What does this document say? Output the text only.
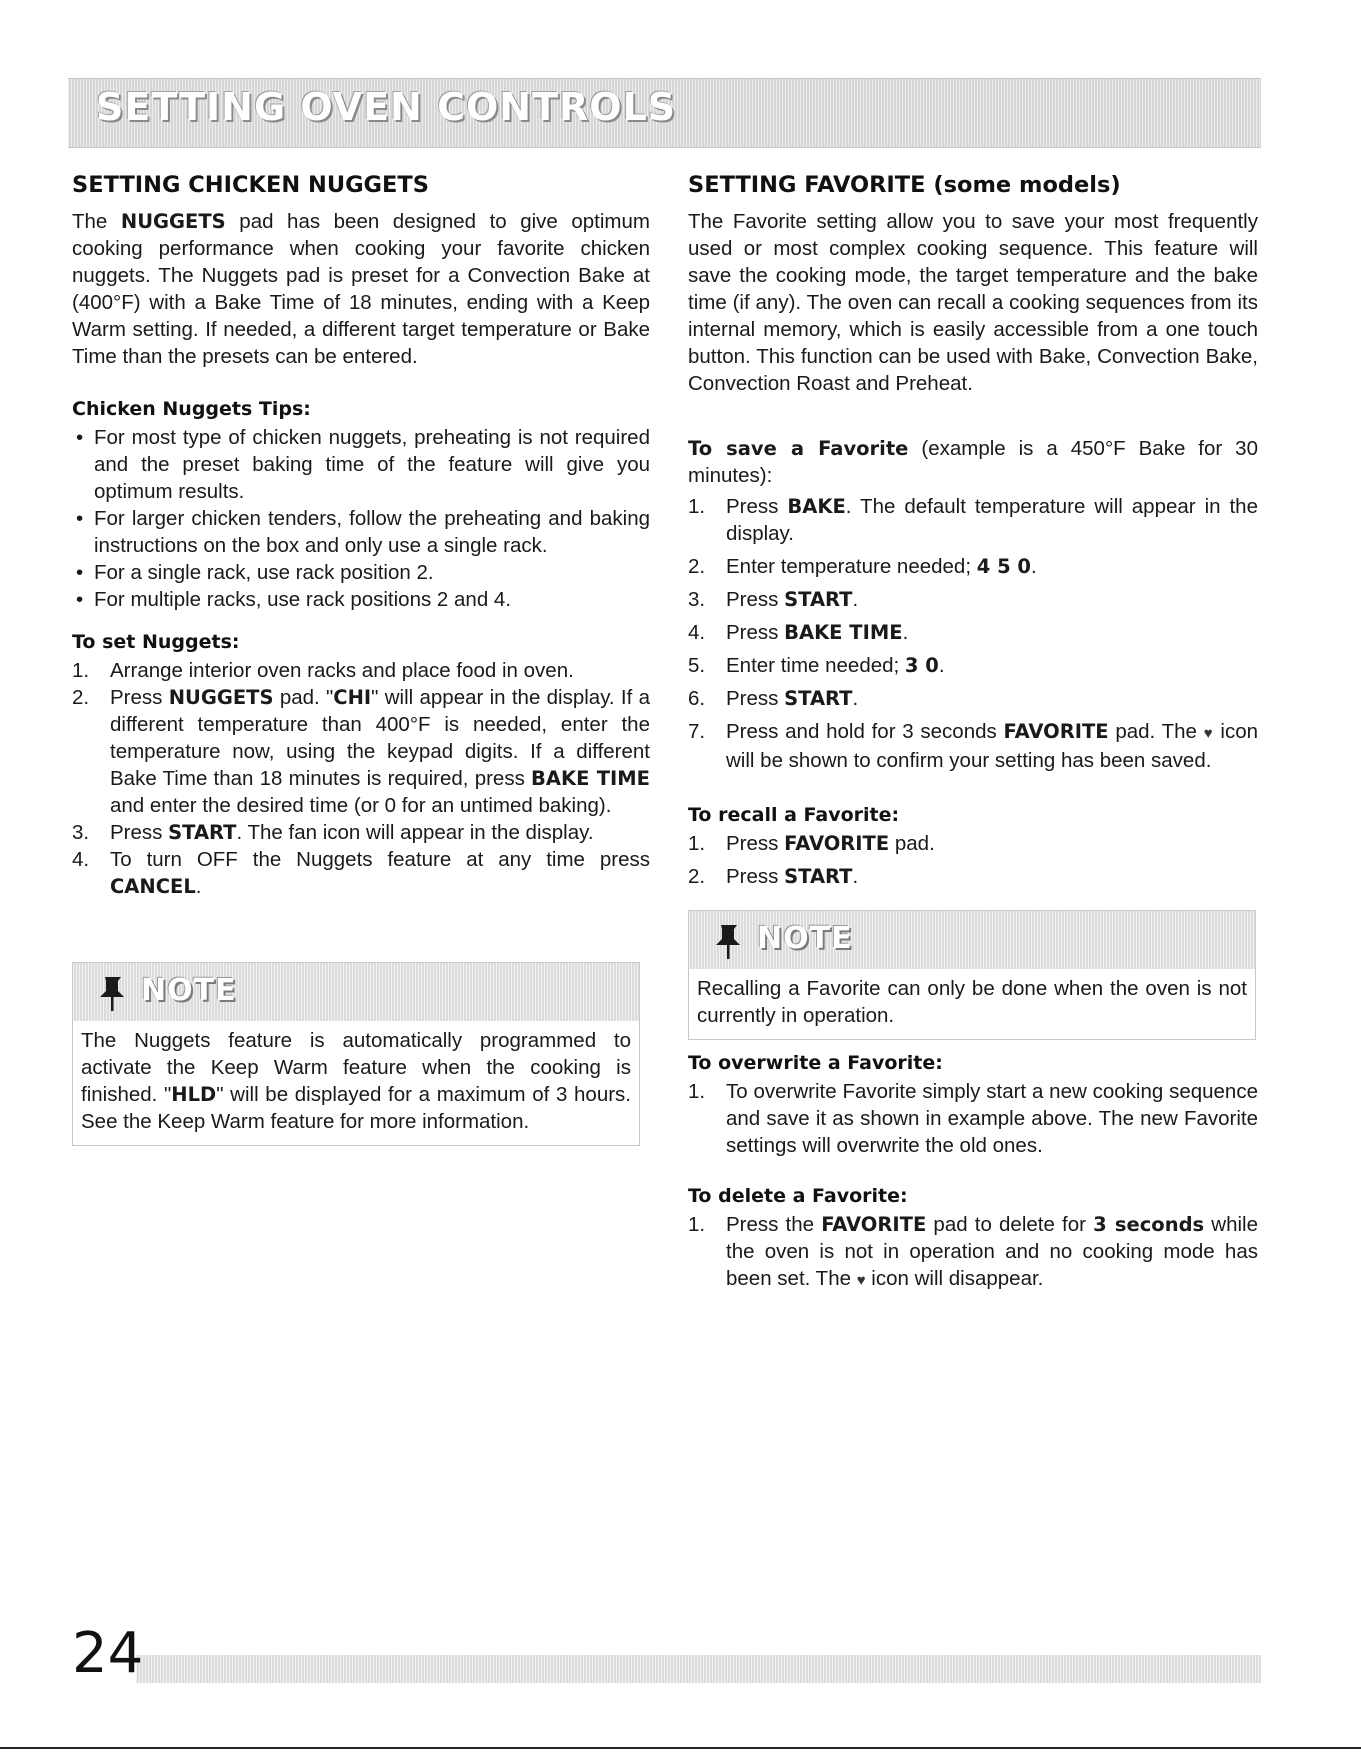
SETTING OVEN CONTROLS
SETTING CHICKEN NUGGETS

The NUGGETS pad has been designed to give optimum cooking performance when cooking your favorite chicken nuggets. The Nuggets pad is preset for a Convection Bake at (400°F) with a Bake Time of 18 minutes, ending with a Keep Warm setting. If needed, a different target temperature or Bake Time than the presets can be entered.

Chicken Nuggets Tips:
• For most type of chicken nuggets, preheating is not required and the preset baking time of the feature will give you optimum results.
• For larger chicken tenders, follow the preheating and baking instructions on the box and only use a single rack.
• For a single rack, use rack position 2.
• For multiple racks, use rack positions 2 and 4.
To set Nuggets:
1. Arrange interior oven racks and place food in oven.
2. Press NUGGETS pad. "CHI" will appear in the display. If a different temperature than 400°F is needed, enter the temperature now, using the keypad digits. If a different Bake Time than 18 minutes is required, press BAKE TIME and enter the desired time (or 0 for an untimed baking).
3. Press START. The fan icon will appear in the display.
4. To turn OFF the Nuggets feature at any time press CANCEL.
NOTE

The Nuggets feature is automatically programmed to activate the Keep Warm feature when the cooking is finished. "HLD" will be displayed for a maximum of 3 hours. See the Keep Warm feature for more information.

SETTING FAVORITE (some models)

The Favorite setting allow you to save your most frequently used or most complex cooking sequence. This feature will save the cooking mode, the target temperature and the bake time (if any). The oven can recall a cooking sequences from its internal memory, which is easily accessible from a one touch button. This function can be used with Bake, Convection Bake, Convection Roast and Preheat.

To save a Favorite (example is a 450°F Bake for 30 minutes):

1. Press BAKE. The default temperature will appear in the display.
2. Enter temperature needed; 4 5 0.
3. Press START.
4. Press BAKE TIME.
5. Enter time needed; 3 0.
6. Press START.
7. Press and hold for 3 seconds FAVORITE pad. The ♥ icon will be shown to confirm your setting has been saved.
To recall a Favorite:
1. Press FAVORITE pad.
2. Press START.
NOTE

Recalling a Favorite can only be done when the oven is not currently in operation.

To overwrite a Favorite:
1. To overwrite Favorite simply start a new cooking sequence and save it as shown in example above. The new Favorite settings will overwrite the old ones.
To delete a Favorite:
1. Press the FAVORITE pad to delete for 3 seconds while the oven is not in operation and no cooking mode has been set. The ♥ icon will disappear.
24
